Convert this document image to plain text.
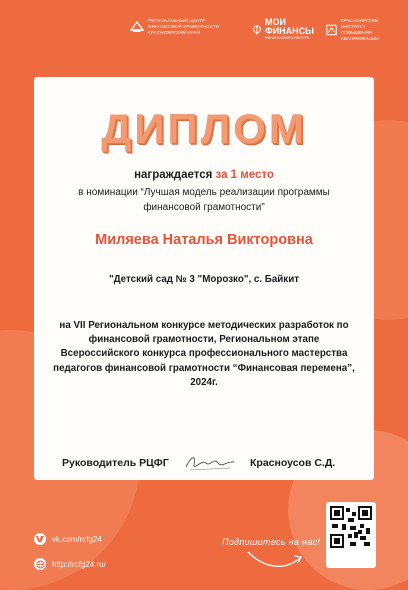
РЕГИОНАЛЬНЫЙ ЦЕНТР
ФИНАНСОВОЙ ГРАМОТНОСТИ
КРАСНОЯРСКИЙ КРАЙ
МОИ
ФИНАНСЫ
ФИНАНСОВАЯ КУЛЬТУРА
КРАСНОЯРСКИЙ
ИНСТИТУТ
ПОВЫШЕНИЯ КВАЛИФИКАЦИИ
ДИПЛОМ
награждается за 1 место
в номинации “Лучшая модель реализации программы финансовой грамотности”
Миляева Наталья Викторовна
"Детский сад № 3 "Морозко", с. Байкит
на VII Региональном конкурсе методических разработок по финансовой грамотности, Региональном этапе Всероссийского конкурса профессионального мастерства педагогов финансовой грамотности “Финансовая перемена”, 2024г.
Руководитель РЦФГ	Красноусов С.Д.
vk.com/rcfg24
http://rcfg24.ru/
Подпишитесь на нас!
